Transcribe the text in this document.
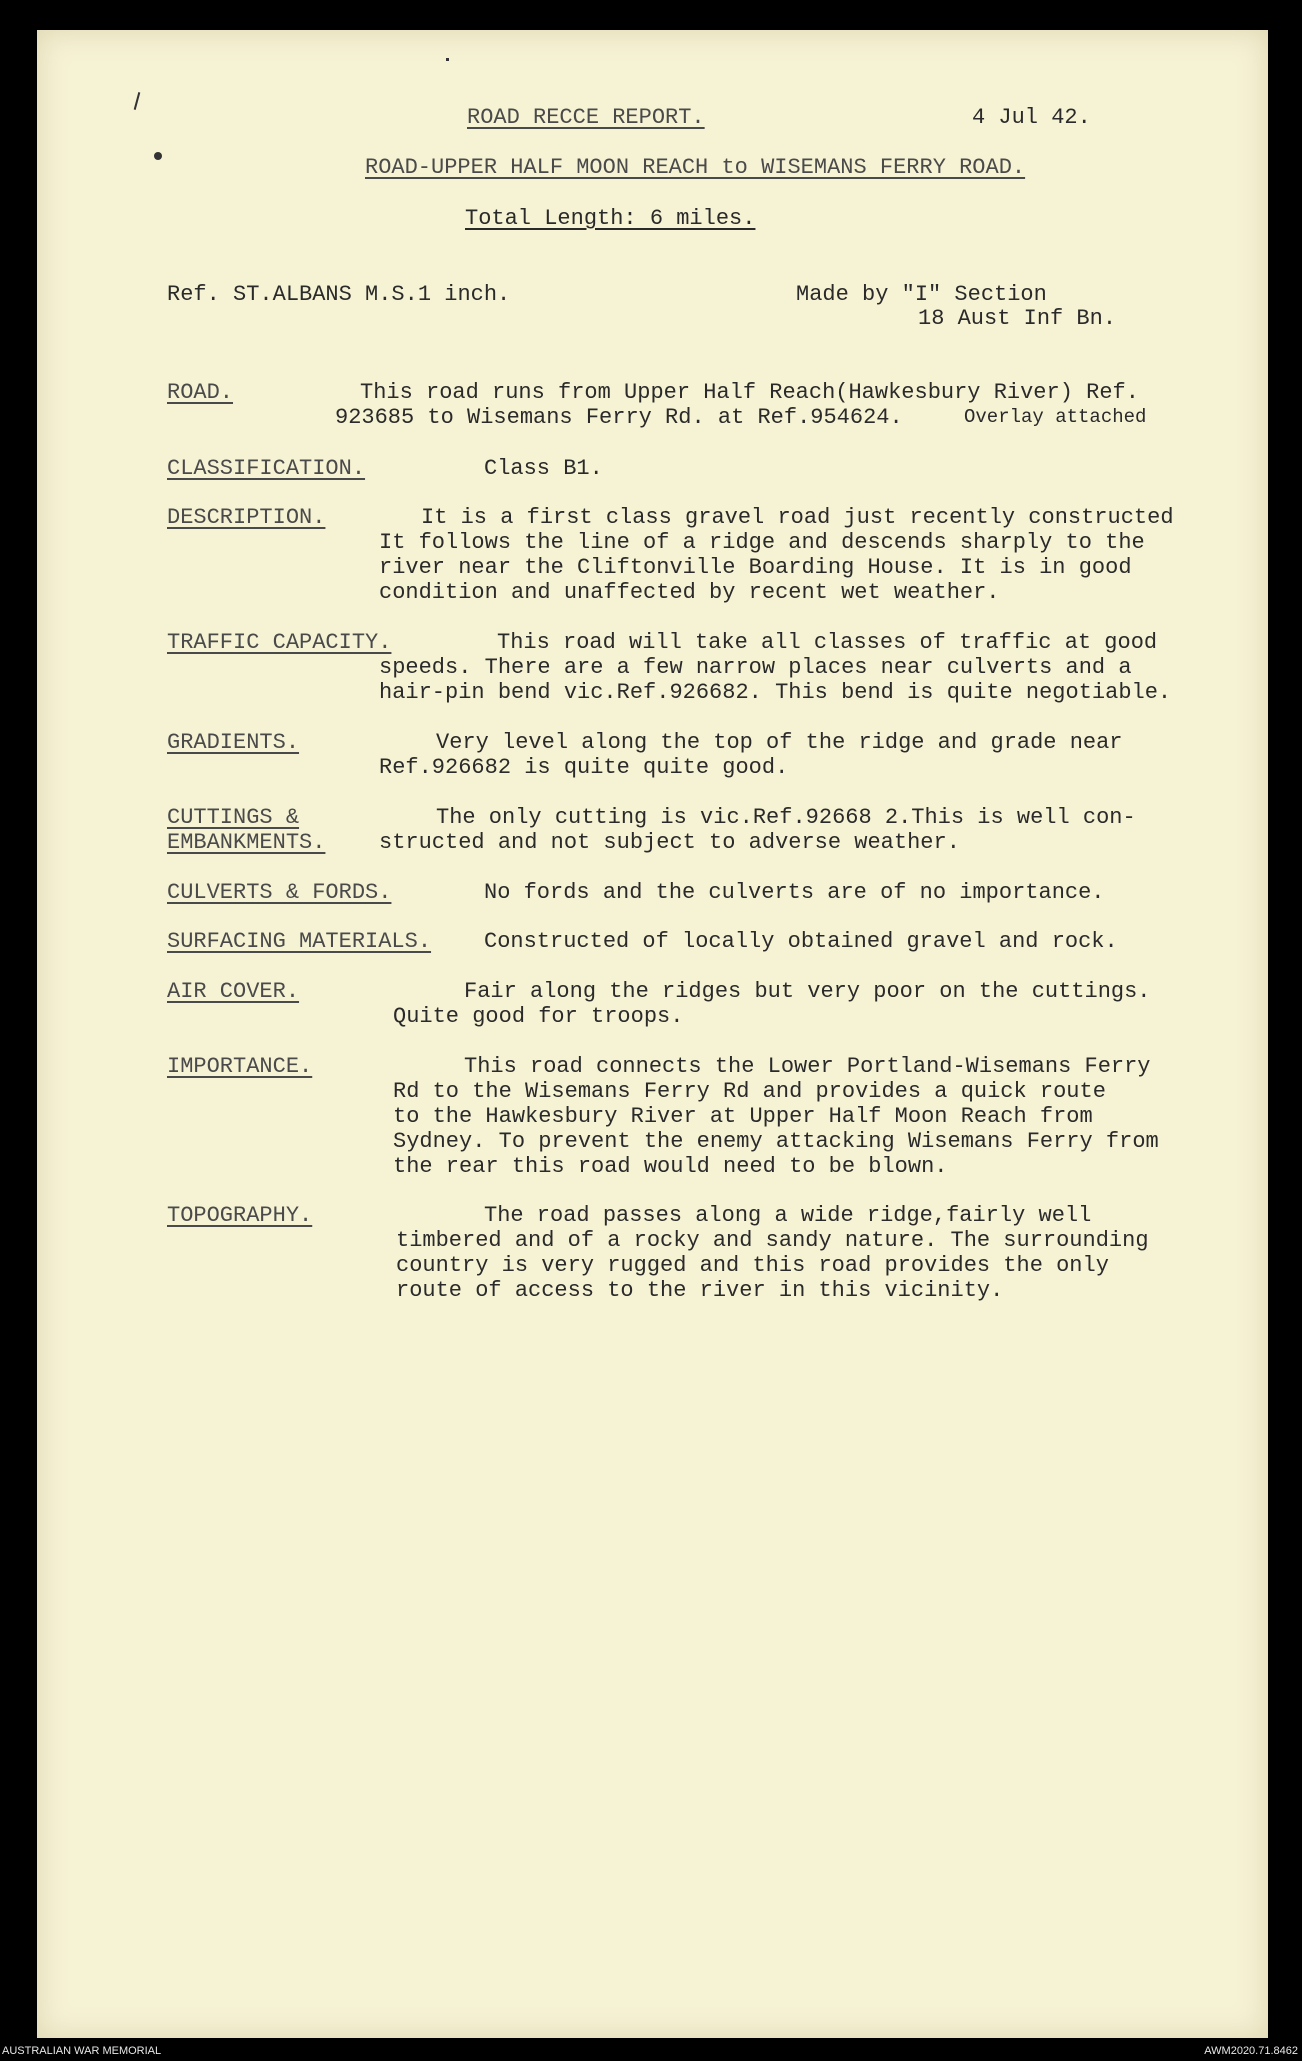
ROAD RECCE REPORT.	4 Jul 42.
ROAD-UPPER HALF MOON REACH to WISEMANS FERRY ROAD.
Total Length: 6 miles.
Ref. ST.ALBANS M.S.1 inch.	Made by "I" Section
18 Aust Inf Bn.
ROAD.	This road runs from Upper Half Reach(Hawkesbury River) Ref.
923685 to Wisemans Ferry Rd. at Ref.954624.	Overlay attached
CLASSIFICATION.	Class B1.
DESCRIPTION.	It is a first class gravel road just recently constructed
It follows the line of a ridge and descends sharply to the
river near the Cliftonville Boarding House. It is in good
condition and unaffected by recent wet weather.
TRAFFIC CAPACITY.	This road will take all classes of traffic at good
speeds. There are a few narrow places near culverts and a
hair-pin bend vic.Ref.926682. This bend is quite negotiable.
GRADIENTS.	Very level along the top of the ridge and grade near
Ref.926682 is quite quite good.
CUTTINGS &
EMBANKMENTS.
The only cutting is vic.Ref.92668 2.This is well con-
structed and not subject to adverse weather.
CULVERTS & FORDS.	No fords and the culverts are of no importance.
SURFACING MATERIALS. Constructed of locally obtained gravel and rock.
AIR COVER.	Fair along the ridges but very poor on the cuttings.
Quite good for troops.
IMPORTANCE.	This road connects the Lower Portland-Wisemans Ferry
Rd to the Wisemans Ferry Rd and provides a quick route
to the Hawkesbury River at Upper Half Moon Reach from
Sydney. To prevent the enemy attacking Wisemans Ferry from
the rear this road would need to be blown.
TOPOGRAPHY.	The road passes along a wide ridge,fairly well
timbered and of a rocky and sandy nature. The surrounding
country is very rugged and this road provides the only
route of access to the river in this vicinity.
AUSTRALIAN WAR MEMORIAL	AWM2020.71.8462
